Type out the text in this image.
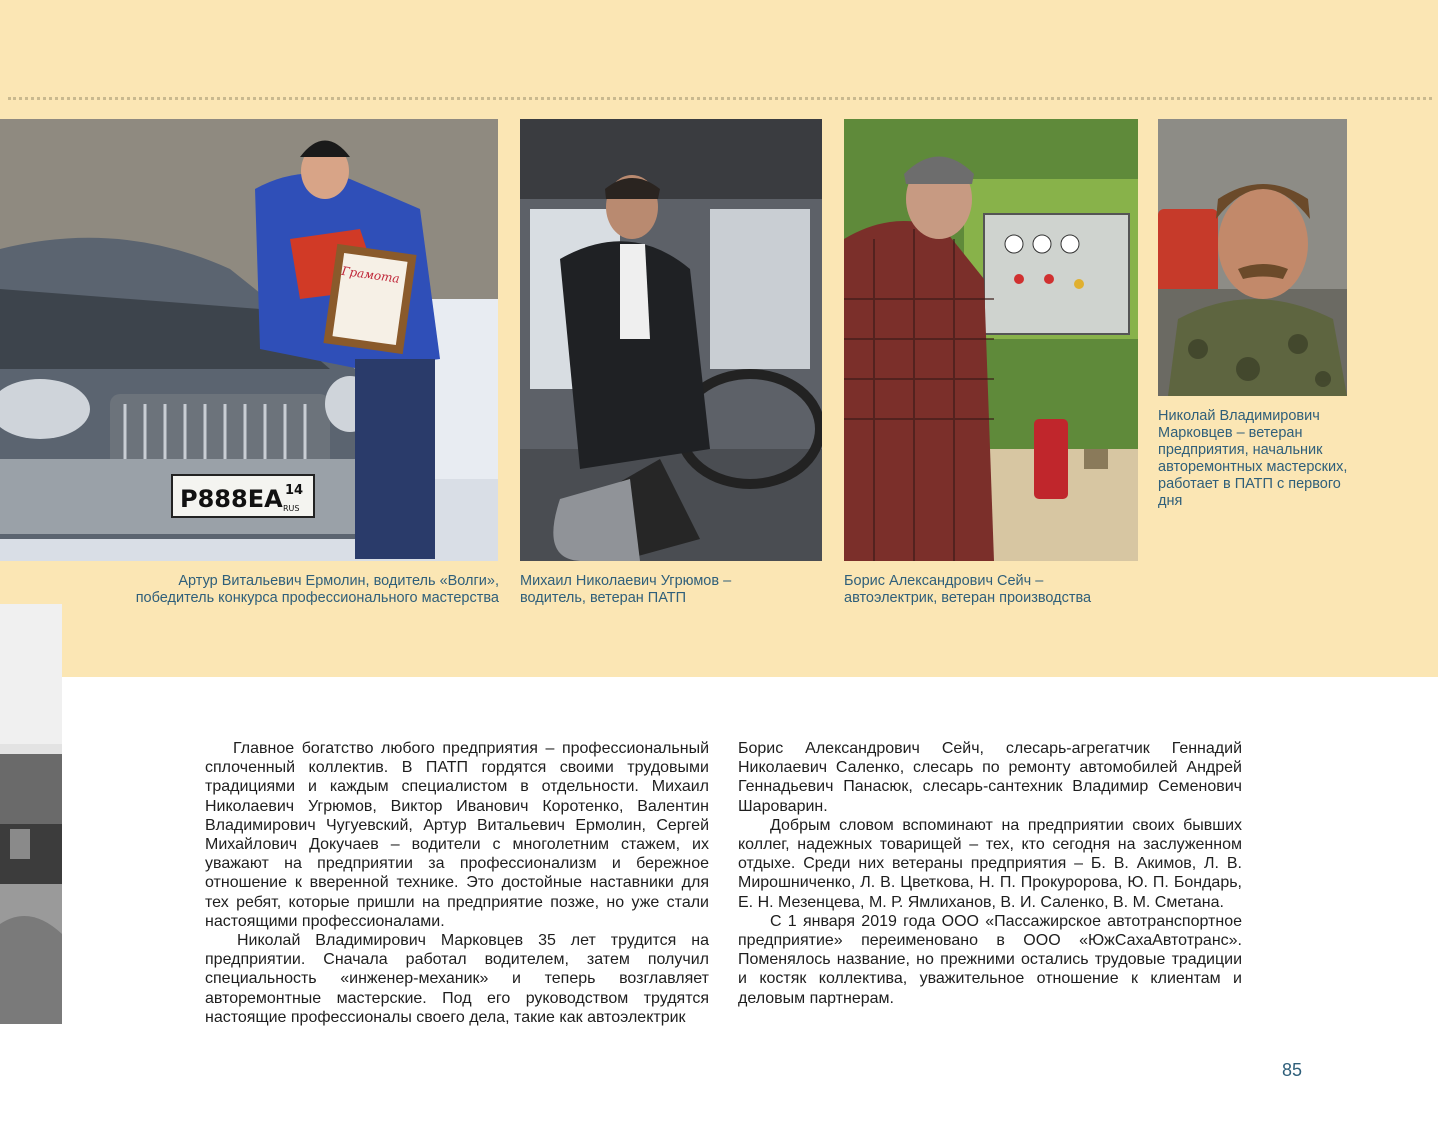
Р888ЕА 14
RUS
Грамота

Артур Витальевич Ермолин, водитель «Волги», победитель конкурса профессионального мастерства

Михаил Николаевич Угрюмов – водитель, ветеран ПАТП

Борис Александрович Сейч – автоэлектрик, ветеран производства

Николай Владимирович Марковцев – ветеран предприятия, начальник авторемонтных мастерских, работает в ПАТП с первого дня

Главное богатство любого предприятия – профессиональный сплоченный коллектив. В ПАТП гордятся своими трудовыми традициями и каждым специалистом в отдельности. Михаил Николаевич Угрюмов, Виктор Иванович Коротенко, Валентин Владимирович Чугуевский, Артур Витальевич Ермолин, Сергей Михайлович Докучаев – водители с многолетним стажем, их уважают на предприятии за профессионализм и бережное отношение к вверенной технике. Это достойные наставники для тех ребят, которые пришли на предприятие позже, но уже стали настоящими профессионалами.

Николай Владимирович Марковцев 35 лет трудится на предприятии. Сначала работал водителем, затем получил специальность «инженер-механик» и теперь возглавляет авторемонтные мастерские. Под его руководством трудятся настоящие профессионалы своего дела, такие как автоэлектрик

Борис Александрович Сейч, слесарь-агрегатчик Геннадий Николаевич Саленко, слесарь по ремонту автомобилей Андрей Геннадьевич Панасюк, слесарь-сантехник Владимир Семенович Шароварин.

Добрым словом вспоминают на предприятии своих бывших коллег, надежных товарищей – тех, кто сегодня на заслуженном отдыхе. Среди них ветераны предприятия – Б. В. Акимов, Л. В. Мирошниченко, Л. В. Цветкова, Н. П. Прокуророва, Ю. П. Бондарь, Е. Н. Мезенцева, М. Р. Ямлиханов, В. И. Саленко, В. М. Сметана.

С 1 января 2019 года ООО «Пассажирское автотранспортное предприятие» переименовано в ООО «ЮжСахаАвтотранс». Поменялось название, но прежними остались трудовые традиции и костяк коллектива, уважительное отношение к клиентам и деловым партнерам.

85
